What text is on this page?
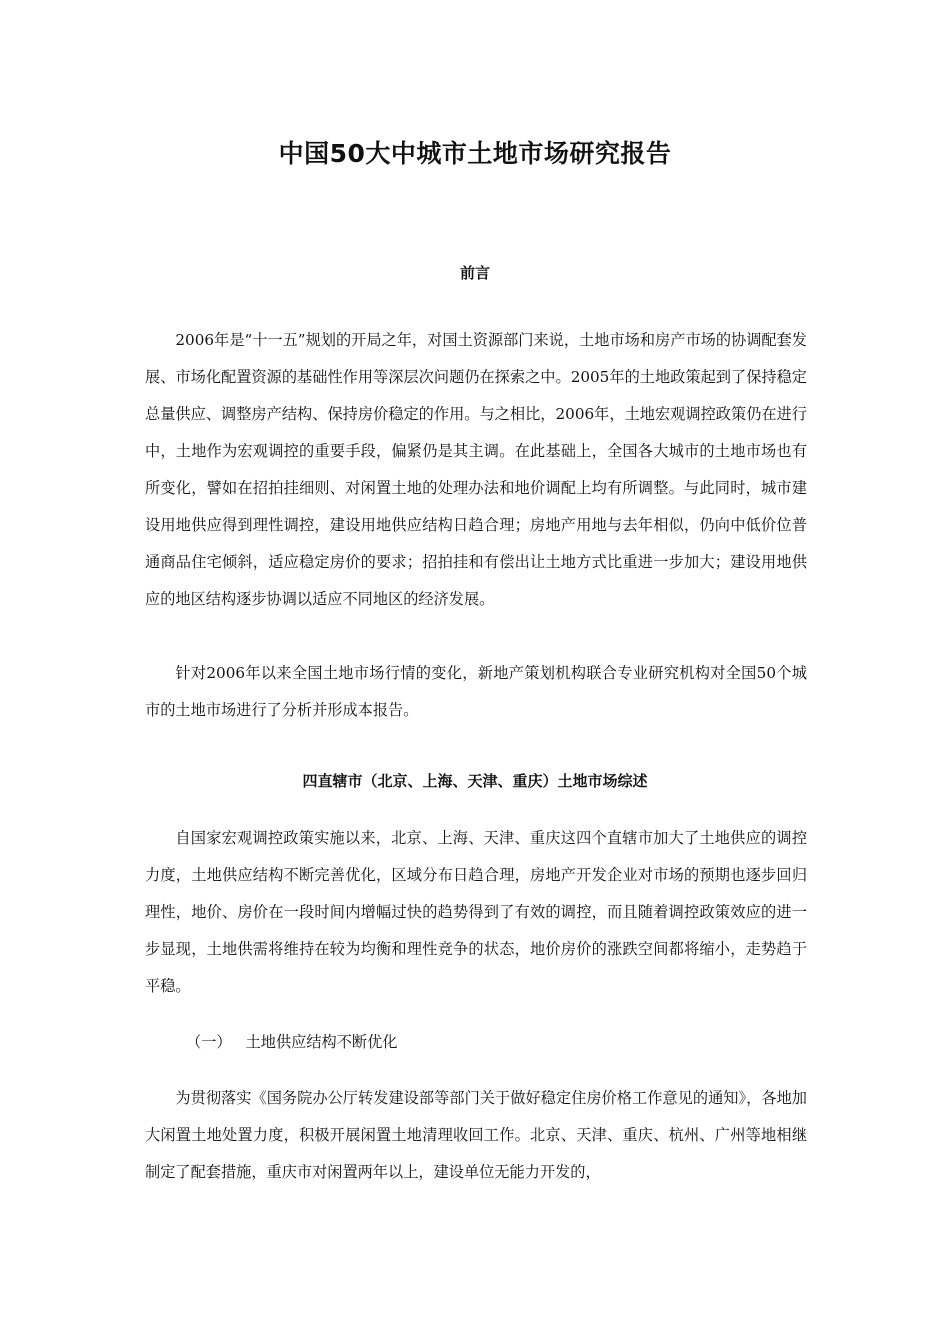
中国50大中城市土地市场研究报告
前言

2006年是“十一五”规划的开局之年，对国土资源部门来说，土地市场和房产市场的协调配套发展、市场化配置资源的基础性作用等深层次问题仍在探索之中。2005年的土地政策起到了保持稳定总量供应、调整房产结构、保持房价稳定的作用。与之相比，2006年，土地宏观调控政策仍在进行中，土地作为宏观调控的重要手段，偏紧仍是其主调。在此基础上，全国各大城市的土地市场也有所变化，譬如在招拍挂细则、对闲置土地的处理办法和地价调配上均有所调整。与此同时，城市建设用地供应得到理性调控，建设用地供应结构日趋合理；房地产用地与去年相似，仍向中低价位普通商品住宅倾斜，适应稳定房价的要求；招拍挂和有偿出让土地方式比重进一步加大；建设用地供应的地区结构逐步协调以适应不同地区的经济发展。

针对2006年以来全国土地市场行情的变化，新地产策划机构联合专业研究机构对全国50个城市的土地市场进行了分析并形成本报告。

四直辖市（北京、上海、天津、重庆）土地市场综述

自国家宏观调控政策实施以来，北京、上海、天津、重庆这四个直辖市加大了土地供应的调控力度，土地供应结构不断完善优化，区域分布日趋合理，房地产开发企业对市场的预期也逐步回归理性，地价、房价在一段时间内增幅过快的趋势得到了有效的调控，而且随着调控政策效应的进一步显现，土地供需将维持在较为均衡和理性竞争的状态，地价房价的涨跌空间都将缩小，走势趋于平稳。

（一） 土地供应结构不断优化

为贯彻落实《国务院办公厅转发建设部等部门关于做好稳定住房价格工作意见的通知》，各地加大闲置土地处置力度，积极开展闲置土地清理收回工作。北京、天津、重庆、杭州、广州等地相继制定了配套措施，重庆市对闲置两年以上，建设单位无能力开发的，
